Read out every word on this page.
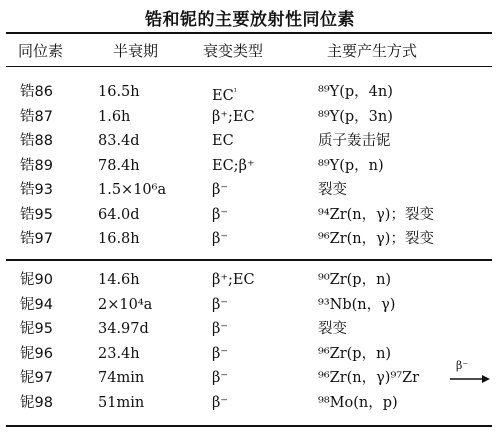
锆和铌的主要放射性同位素
同位素	半衰期	衰变类型	主要产生方式
锆86	16.5h	$EC^{^1}$	⁸⁹Y(p，4n)
锆87	1.6h	β⁺;EC	⁸⁹Y(p，3n)
锆88	83.4d	EC	质子轰击铌
锆89	78.4h	EC;β⁺	⁸⁹Y(p，n)
锆93	1.5×10⁶a	β⁻	裂变
锆95	64.0d	β⁻	⁹⁴Zr(n，γ)；裂变
锆97	16.8h	β⁻	⁹⁶Zr(n，γ)；裂变
铌90	14.6h	β⁺;EC	⁹⁰Zr(p，n)
铌94	2×10⁴a	β⁻	⁹³Nb(n，γ)
铌95	34.97d	β⁻	裂变
铌96	23.4h	β⁻	⁹⁶Zr(p，n)
铌97	74min	β⁻	⁹⁶Zr(n，γ)⁹⁷Zr
β⁻
铌98	51min	β⁻	⁹⁸Mo(n，p)
